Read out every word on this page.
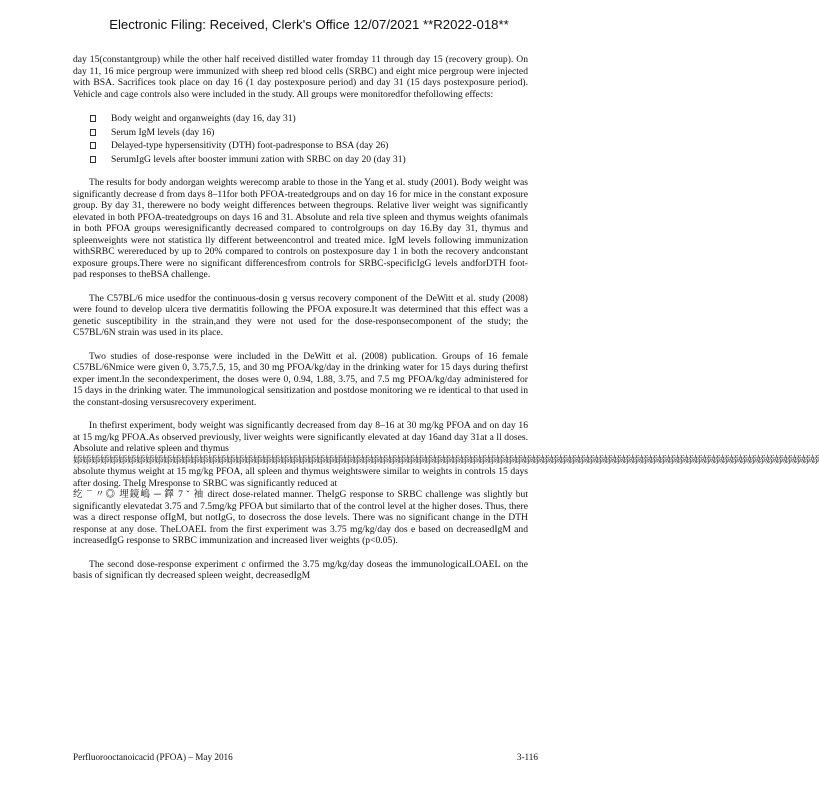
Electronic Filing: Received, Clerk's Office 12/07/2021 **R2022-018**

day 15(constantgroup) while the other half received distilled water fromday 11 through day 15 (recovery group). On day 11, 16 mice pergroup were immunized with sheep red blood cells (SRBC) and eight mice pergroup were injected with BSA. Sacrifices took place on day 16 (1 day postexposure period) and day 31 (15 days postexposure period). Vehicle and cage controls also were included in the study. All groups were monitoredfor thefollowing effects:

Body weight and organweights (day 16, day 31)
Serum IgM levels (day 16)
Delayed-type hypersensitivity (DTH) foot-padresponse to BSA (day 26)
SerumIgG levels after booster immuni zation with SRBC on day 20 (day 31)

The results for body andorgan weights werecomp arable to those in the Yang et al. study (2001). Body weight was significantly decrease d from days 8–11for both PFOA-treatedgroups and on day 16 for mice in the constant exposure group. By day 31, therewere no body weight differences between thegroups. Relative liver weight was significantly elevated in both PFOA-treatedgroups on days 16 and 31. Absolute and rela tive spleen and thymus weights ofanimals in both PFOA groups weresignificantly decreased compared to controlgroups on day 16.By day 31, thymus and spleenweights were not statistica lly different betweencontrol and treated mice. IgM levels following immunization withSRBC werereduced by up to 20% compared to controls on postexposure day 1 in both the recovery andconstant exposure groups.There were no significant differencesfrom controls for SRBC-specificIgG levels andforDTH foot-pad responses to theBSA challenge.

The C57BL/6 mice usedfor the continuous-dosin g versus recovery component of the DeWitt et al. study (2008) were found to develop ulcera tive dermatitis following the PFOA exposure.It was determined that this effect was a genetic susceptibility in the strain,and they were not used for the dose-responsecomponent of the study; the C57BL/6N strain was used in its place.

Two studies of dose-response were included in the DeWitt et al. (2008) publication. Groups of 16 female C57BL/6Nmice were given 0, 3.75,7.5, 15, and 30 mg PFOA/kg/day in the drinking water for 15 days during thefirst exper iment.In the secondexperiment, the doses were 0, 0.94, 1.88, 3.75, and 7.5 mg PFOA/kg/day administered for 15 days in the drinking water. The immunological sensitization and postdose monitoring we re identical to that used in the constant-dosing versusrecovery experiment.

In thefirst experiment, body weight was significantly decreased from day 8–16 at 30 mg/kg PFOA and on day 16 at 15 mg/kg PFOA.As observed previously, liver weights were significantly elevated at day 16and day 31at a ll doses. Absolute and relative spleen and thymus
婖婖婖婖婖婖婖婖婖婖婖婖婖婖婖婖婖婖婖婖婖婖婖婖婖婖婖婖婖婖婖婖婖婖婖婖婖婖婖婖婖婖婖婖婖婖婖婖婖婖婖婖婖婖婖婖婖婖婖婖婖婖婖婖婖婖婖婖婖婖婖婖婖婖婖婖婖婖婖婖婖婖婖
absolute thymus weight at 15 mg/kg PFOA, all spleen and thymus weightswere similar to weights in controls 15 days after dosing. TheIg Mresponse to SRBC was significantly reduced at
纥 ¯ 〃◎ 埋鏡嶋 ─ 鐸 7 ˇ 袖 direct dose-related manner. TheIgG response to SRBC challenge was slightly but significantly elevatedat 3.75 and 7.5mg/kg PFOA but similarto that of the control level at the higher doses. Thus, there was a direct response ofIgM, but notIgG, to dosecross the dose levels. There was no significant change in the DTH response at any dose. TheLOAEL from the first experiment was 3.75 mg/kg/day dos e based on decreasedIgM and increasedIgG response to SRBC immunization and increased liver weights (p<0.05).

The second dose-response experiment c onfirmed the 3.75 mg/kg/day doseas the immunologicalLOAEL on the basis of significan tly decreased spleen weight, decreasedIgM

Perfluorooctanoicacid (PFOA) – May 2016	3-116
